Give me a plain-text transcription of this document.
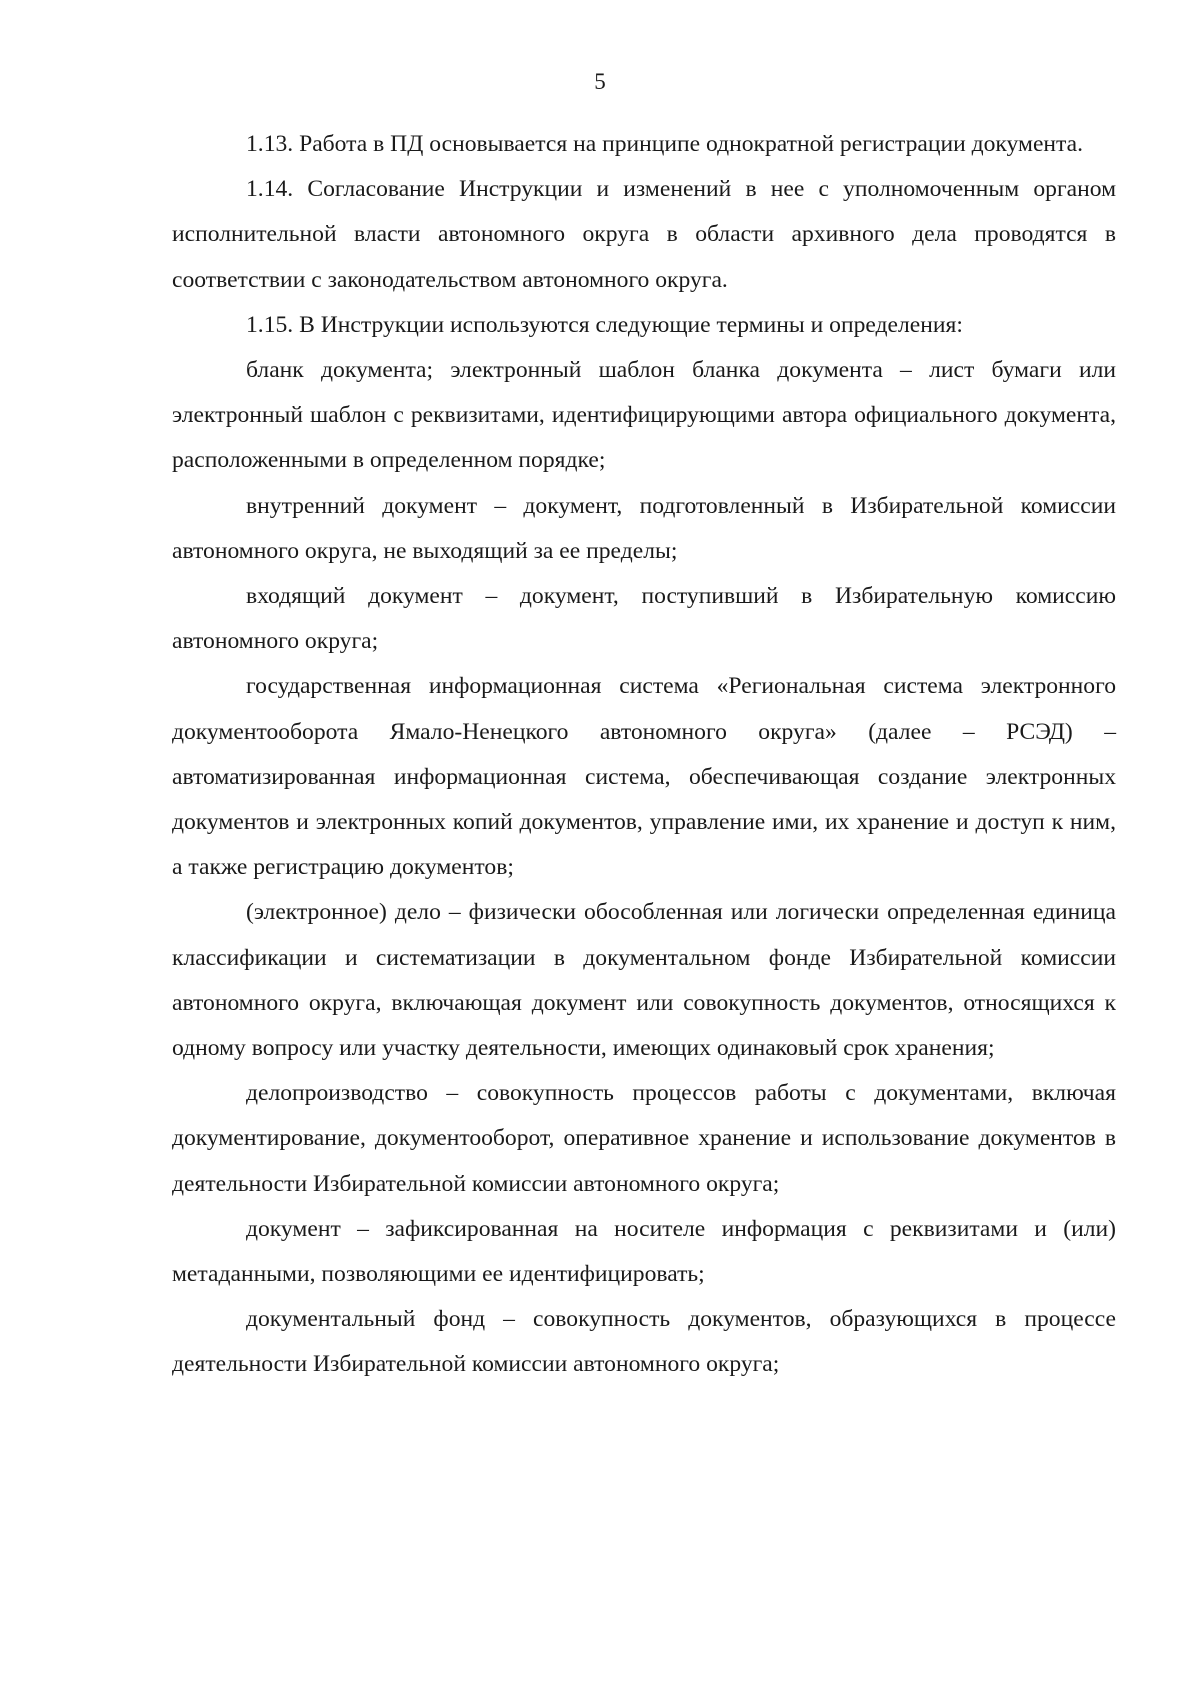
5

1.13. Работа в ПД основывается на принципе однократной регистрации документа.

1.14. Согласование Инструкции и изменений в нее с уполномоченным органом исполнительной власти автономного округа в области архивного дела проводятся в соответствии с законодательством автономного округа.

1.15. В Инструкции используются следующие термины и определения:

бланк документа; электронный шаблон бланка документа – лист бумаги или электронный шаблон с реквизитами, идентифицирующими автора официального документа, расположенными в определенном порядке;

внутренний документ – документ, подготовленный в Избирательной комиссии автономного округа, не выходящий за ее пределы;

входящий документ – документ, поступивший в Избирательную комиссию автономного округа;

государственная информационная система «Региональная система электронного документооборота Ямало-Ненецкого автономного округа» (далее – РСЭД) – автоматизированная информационная система, обеспечивающая создание электронных документов и электронных копий документов, управление ими, их хранение и доступ к ним, а также регистрацию документов;

(электронное) дело – физически обособленная или логически определенная единица классификации и систематизации в документальном фонде Избирательной комиссии автономного округа, включающая документ или совокупность документов, относящихся к одному вопросу или участку деятельности, имеющих одинаковый срок хранения;

делопроизводство – совокупность процессов работы с документами, включая документирование, документооборот, оперативное хранение и использование документов в деятельности Избирательной комиссии автономного округа;

документ – зафиксированная на носителе информация с реквизитами и (или) метаданными, позволяющими ее идентифицировать;

документальный фонд – совокупность документов, образующихся в процессе деятельности Избирательной комиссии автономного округа;
